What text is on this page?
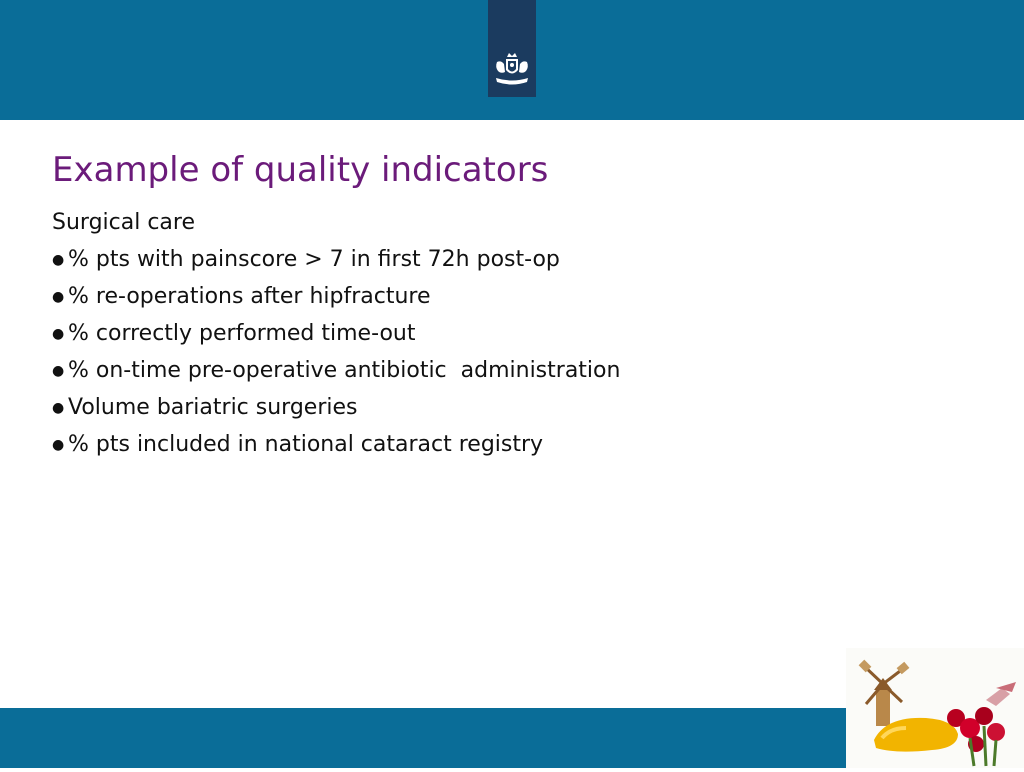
Example of quality indicators
Surgical care
● % pts with painscore > 7 in first 72h post-op
● % re-operations after hipfracture
● % correctly performed time-out
● % on-time pre-operative antibiotic  administration
● Volume bariatric surgeries
● % pts included in national cataract registry
